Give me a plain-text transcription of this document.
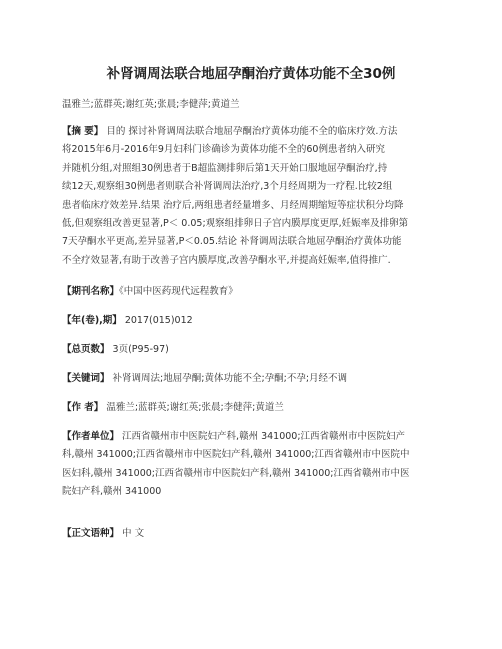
补肾调周法联合地屈孕酮治疗黄体功能不全30例
温雅兰;蓝群英;谢红英;张晨;李健萍;黄道兰
【摘 要】 目的 探讨补肾调周法联合地屈孕酮治疗黄体功能不全的临床疗效.方法
将2015年6月-2016年9月妇科门诊确诊为黄体功能不全的60例患者纳入研究
并随机分组,对照组30例患者于B超监测排卵后第1天开始口服地屈孕酮治疗,持
续12天,观察组30例患者则联合补肾调周法治疗,3个月经周期为一疗程.比较2组
患者临床疗效差异.结果 治疗后,两组患者经量增多、月经周期缩短等症状积分均降
低,但观察组改善更显著,P＜ 0.05;观察组排卵日子宫内膜厚度更厚,妊娠率及排卵第
7天孕酮水平更高,差异显著,P＜0.05.结论 补肾调周法联合地屈孕酮治疗黄体功能
不全疗效显著,有助于改善子宫内膜厚度,改善孕酮水平,并提高妊娠率,值得推广.
【期刊名称】《中国中医药现代远程教育》
【年(卷),期】 2017(015)012
【总页数】 3页(P95-97)
【关键词】 补肾调周法;地屈孕酮;黄体功能不全;孕酮;不孕;月经不调
【作 者】 温雅兰;蓝群英;谢红英;张晨;李健萍;黄道兰
【作者单位】 江西省赣州市中医院妇产科,赣州 341000;江西省赣州市中医院妇产
科,赣州 341000;江西省赣州市中医院妇产科,赣州 341000;江西省赣州市中医院中
医妇科,赣州 341000;江西省赣州市中医院妇产科,赣州 341000;江西省赣州市中医
院妇产科,赣州 341000
【正文语种】 中 文
